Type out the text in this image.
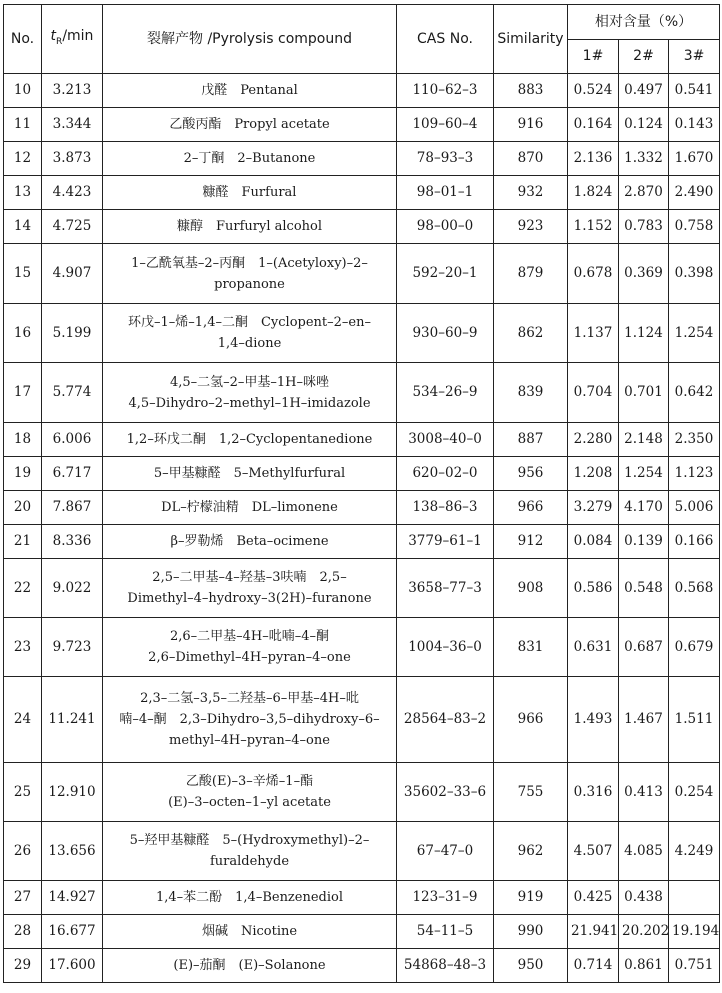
No.	$t_R/\min$	裂解产物 /Pyrolysis compound	CAS No.	Similarity	相对含量（%）		
					1#	2#	3#
10	3.213	戊醛　Pentanal	110–62–3	883	0.524	0.497	0.541
11	3.344	乙酸丙酯　Propyl acetate	109–60–4	916	0.164	0.124	0.143
12	3.873	2–丁酮　2–Butanone	78–93–3	870	2.136	1.332	1.670
13	4.423	糠醛　Furfural	98–01–1	932	1.824	2.870	2.490
14	4.725	糠醇　Furfuryl alcohol	98–00–0	923	1.152	0.783	0.758
15	4.907	1–乙酰氧基–2–丙酮　1–(Acetyloxy)–2–
propanone	592–20–1	879	0.678	0.369	0.398
16	5.199	环戊–1–烯–1,4–二酮　Cyclopent–2–en–
1,4–dione	930–60–9	862	1.137	1.124	1.254
17	5.774	4,5–二氢–2–甲基–1H–咪唑
4,5–Dihydro–2–methyl–1H–imidazole	534–26–9	839	0.704	0.701	0.642
18	6.006	1,2–环戊二酮　1,2–Cyclopentanedione	3008–40–0	887	2.280	2.148	2.350
19	6.717	5–甲基糠醛　5–Methylfurfural	620–02–0	956	1.208	1.254	1.123
20	7.867	DL–柠檬油精　DL–limonene	138–86–3	966	3.279	4.170	5.006
21	8.336	β–罗勒烯　Beta–ocimene	3779–61–1	912	0.084	0.139	0.166
22	9.022	2,5–二甲基–4–羟基–3呋喃　2,5–
Dimethyl–4–hydroxy–3(2H)–furanone	3658–77–3	908	0.586	0.548	0.568
23	9.723	2,6–二甲基–4H–吡喃–4–酮
2,6–Dimethyl–4H–pyran–4–one	1004–36–0	831	0.631	0.687	0.679
24	11.241	2,3–二氢–3,5–二羟基–6–甲基–4H–吡
喃–4–酮　2,3–Dihydro–3,5–dihydroxy–6–
methyl–4H–pyran–4–one	28564–83–2	966	1.493	1.467	1.511
25	12.910	乙酸(E)–3–辛烯–1–酯
(E)–3–octen–1–yl acetate	35602–33–6	755	0.316	0.413	0.254
26	13.656	5–羟甲基糠醛　5–(Hydroxymethyl)–2–
furaldehyde	67–47–0	962	4.507	4.085	4.249
27	14.927	1,4–苯二酚　1,4–Benzenediol	123–31–9	919	0.425	0.438	
28	16.677	烟碱　Nicotine	54–11–5	990	21.941	20.202	19.194
29	17.600	(E)–茄酮　(E)–Solanone	54868–48–3	950	0.714	0.861	0.751
